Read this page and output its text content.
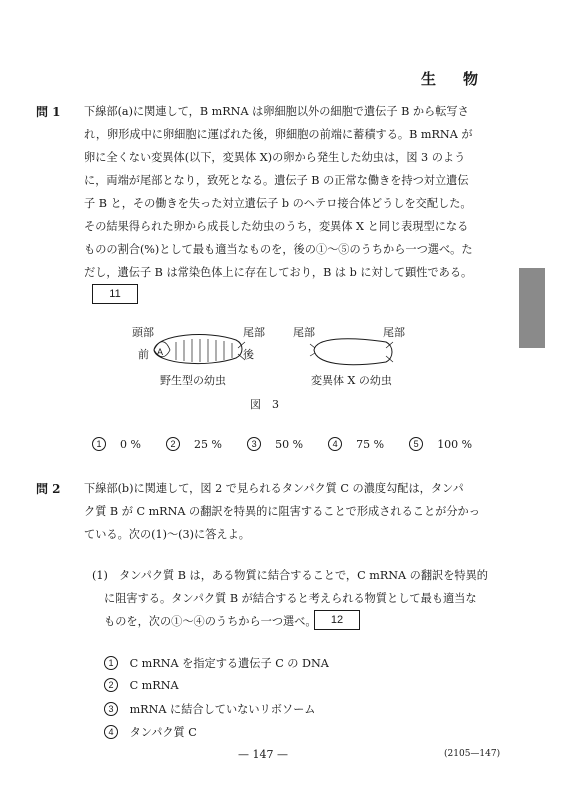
生　物
問 1 下線部(a)に関連して，B mRNA は卵細胞以外の細胞で遺伝子 B から転写さ
れ，卵形成中に卵細胞に運ばれた後，卵細胞の前端に蓄積する。B mRNA が
卵に全くない変異体(以下，変異体 X)の卵から発生した幼虫は，図 3 のよう
に，両端が尾部となり，致死となる。遺伝子 B の正常な働きを持つ対立遺伝
子 B と，その働きを失った対立遺伝子 b のヘテロ接合体どうしを交配した。
その結果得られた卵から成長した幼虫のうち，変異体 X と同じ表現型になる
ものの割合(%)として最も適当なものを，後の①〜⑤のうちから一つ選べ。た
だし，遺伝子 B は常染色体上に存在しており，B は b に対して顕性である。
11
頭部	尾部
前	後
A
野生型の幼虫
尾部	尾部
変異体 X の幼虫
図　3
1 0 %	2 25 %	3 50 %	4 75 %	5 100 %
問 2 下線部(b)に関連して，図 2 で見られるタンパク質 C の濃度勾配は，タンパ
ク質 B が C mRNA の翻訳を特異的に阻害することで形成されることが分かっ
ている。次の(1)〜(3)に答えよ。
(1)　タンパク質 B は，ある物質に結合することで，C mRNA の翻訳を特異的
に阻害する。タンパク質 B が結合すると考えられる物質として最も適当な
ものを，次の①〜④のうちから一つ選べ。	12
1 C mRNA を指定する遺伝子 C の DNA
2 C mRNA
3 mRNA に結合していないリボソーム
4 タンパク質 C
— 147 —	(2105—147)
